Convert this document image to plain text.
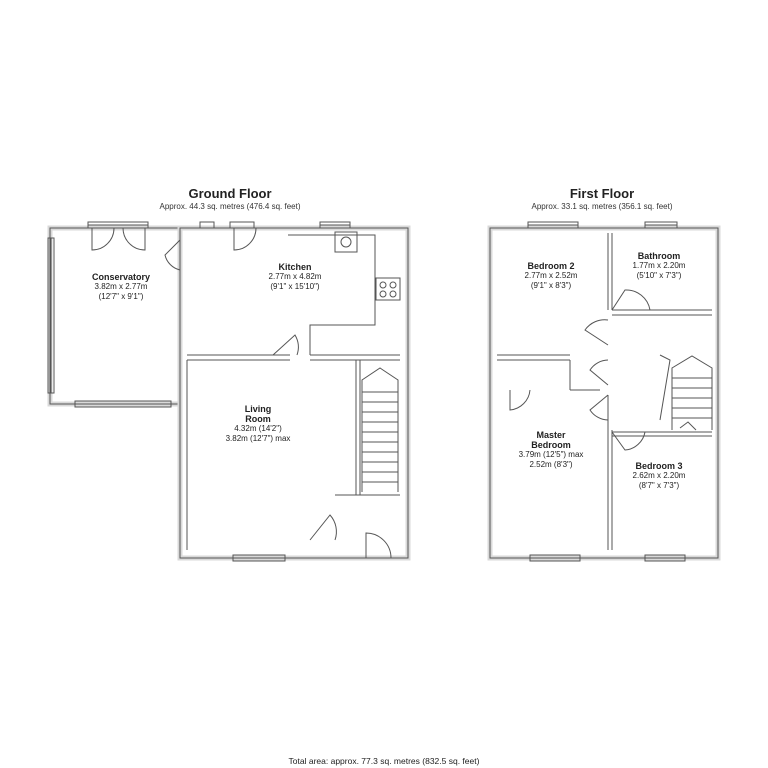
Ground Floor
Approx. 44.3 sq. metres (476.4 sq. feet)
First Floor
Approx. 33.1 sq. metres (356.1 sq. feet)
Conservatory
3.82m x 2.77m
(12'7" x 9'1")
Kitchen
2.77m x 4.82m
(9'1" x 15'10")
Living
Room
4.32m (14'2")
3.82m (12'7") max
Bedroom 2
2.77m x 2.52m
(9'1" x 8'3")
Bathroom
1.77m x 2.20m
(5'10" x 7'3")
Master
Bedroom
3.79m (12'5") max
2.52m (8'3")	Bedroom 3
2.62m x 2.20m
(8'7" x 7'3")
Total area: approx. 77.3 sq. metres (832.5 sq. feet)
